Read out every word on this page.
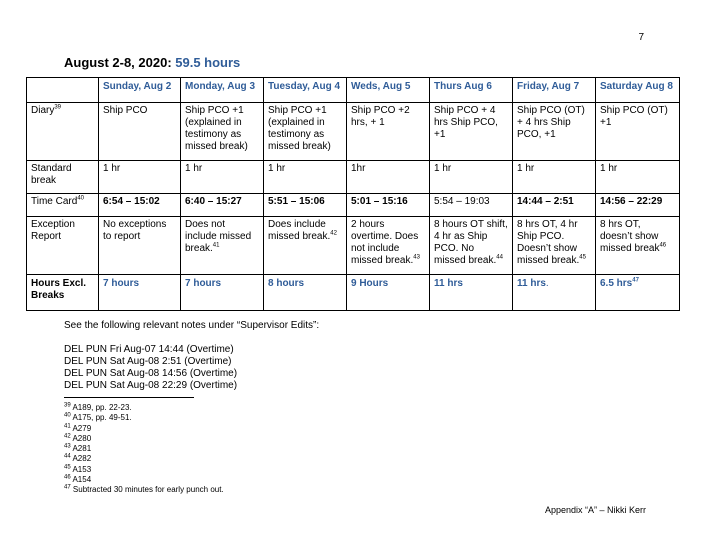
7
August 2-8, 2020: 59.5 hours
	Sunday, Aug 2	Monday, Aug 3	Tuesday, Aug 4	Weds, Aug 5	Thurs Aug 6	Friday, Aug 7	Saturday Aug 8
Diary$^{39}$	Ship PCO	Ship PCO +1 (explained in testimony as missed break)	Ship PCO +1 (explained in testimony as missed break)	Ship PCO +2 hrs, + 1	Ship PCO + 4 hrs Ship PCO, +1	Ship PCO (OT) + 4 hrs Ship PCO, +1	Ship PCO (OT) +1
Standard break	1 hr	1 hr	1 hr	1hr	1 hr	1 hr	1 hr
Time Card$^{40}$	6:54 – 15:02	6:40 – 15:27	5:51 – 15:06	5:01 – 15:16	5:54 – 19:03	14:44 – 2:51	14:56 – 22:29
Exception Report	No exceptions to report	Does not include missed break.$^{41}$	Does include missed break.$^{42}$	2 hours overtime. Does not include missed break.$^{43}$	8 hours OT shift, 4 hr as Ship PCO. No missed break.$^{44}$	8 hrs OT, 4 hr Ship PCO. Doesn’t show missed break.$^{45}$	8 hrs OT, doesn’t show missed break$^{46}$
Hours Excl. Breaks	7 hours	7 hours	8 hours	9 Hours	11 hrs	11 hrs.	6.5 hrs$^{47}$
See the following relevant notes under “Supervisor Edits”:
DEL PUN Fri Aug-07 14:44 (Overtime)
DEL PUN Sat Aug-08 2:51 (Overtime)
DEL PUN Sat Aug-08 14:56 (Overtime)
DEL PUN Sat Aug-08 22:29 (Overtime)
$^{39}$ A189, pp. 22-23.
$^{40}$ A175, pp. 49-51.
$^{41}$ A279
$^{42}$ A280
$^{43}$ A281
$^{44}$ A282
$^{45}$ A153
$^{46}$ A154
$^{47}$ Subtracted 30 minutes for early punch out.
Appendix “A” – Nikki Kerr
